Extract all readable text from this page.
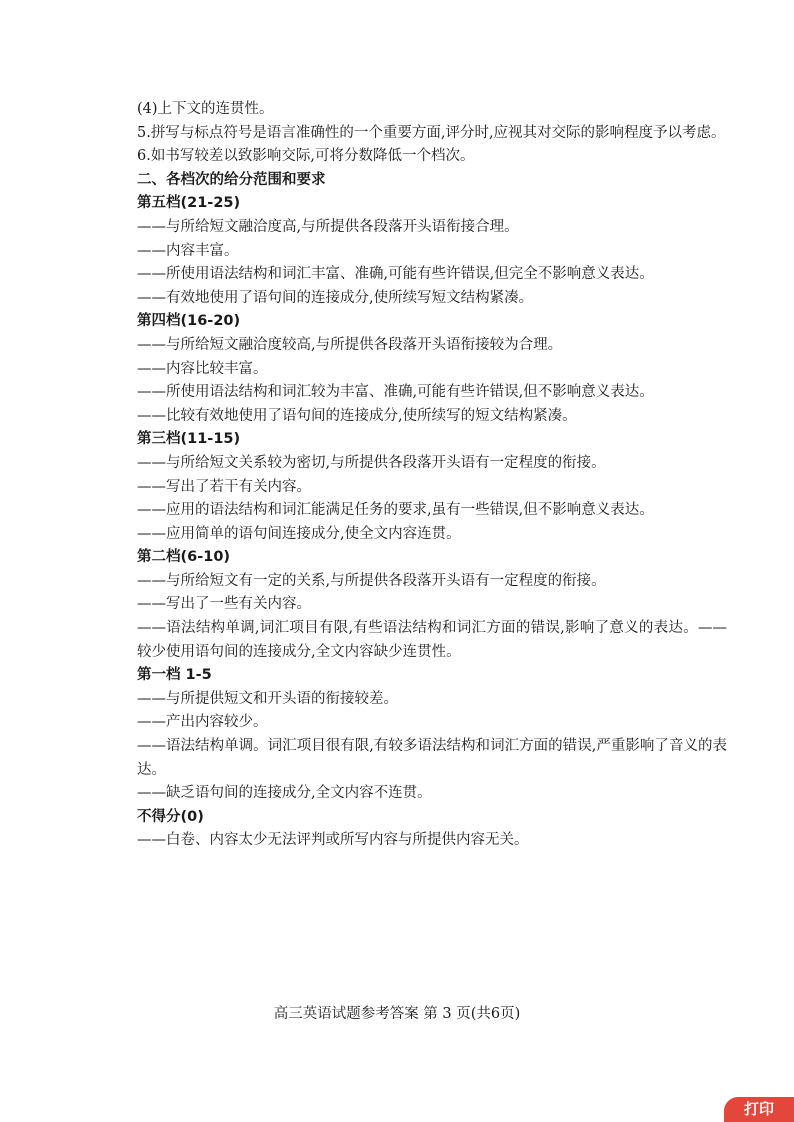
(4)上下文的连贯性。

5.拼写与标点符号是语言准确性的一个重要方面,评分时,应视其对交际的影响程度予以考虑。

6.如书写较差以致影响交际,可将分数降低一个档次。

二、各档次的给分范围和要求

第五档(21-25)

——与所给短文融洽度高,与所提供各段落开头语衔接合理。

——内容丰富。

——所使用语法结构和词汇丰富、准确,可能有些许错误,但完全不影响意义表达。

——有效地使用了语句间的连接成分,使所续写短文结构紧凑。

第四档(16-20)

——与所给短文融洽度较高,与所提供各段落开头语衔接较为合理。

——内容比较丰富。

——所使用语法结构和词汇较为丰富、准确,可能有些许错误,但不影响意义表达。

——比较有效地使用了语句间的连接成分,使所续写的短文结构紧凑。

第三档(11-15)

——与所给短文关系较为密切,与所提供各段落开头语有一定程度的衔接。

——写出了若干有关内容。

——应用的语法结构和词汇能满足任务的要求,虽有一些错误,但不影响意义表达。

——应用简单的语句间连接成分,使全文内容连贯。

第二档(6-10)

——与所给短文有一定的关系,与所提供各段落开头语有一定程度的衔接。

——写出了一些有关内容。

——语法结构单调,词汇项目有限,有些语法结构和词汇方面的错误,影响了意义的表达。——较少使用语句间的连接成分,全文内容缺少连贯性。

第一档 1-5

——与所提供短文和开头语的衔接较差。

——产出内容较少。

——语法结构单调。词汇项目很有限,有较多语法结构和词汇方面的错误,严重影响了音义的表达。

——缺乏语句间的连接成分,全文内容不连贯。

不得分(0)

——白卷、内容太少无法评判或所写内容与所提供内容无关。

高三英语试题参考答案 第 3 页(共6页)
打印
